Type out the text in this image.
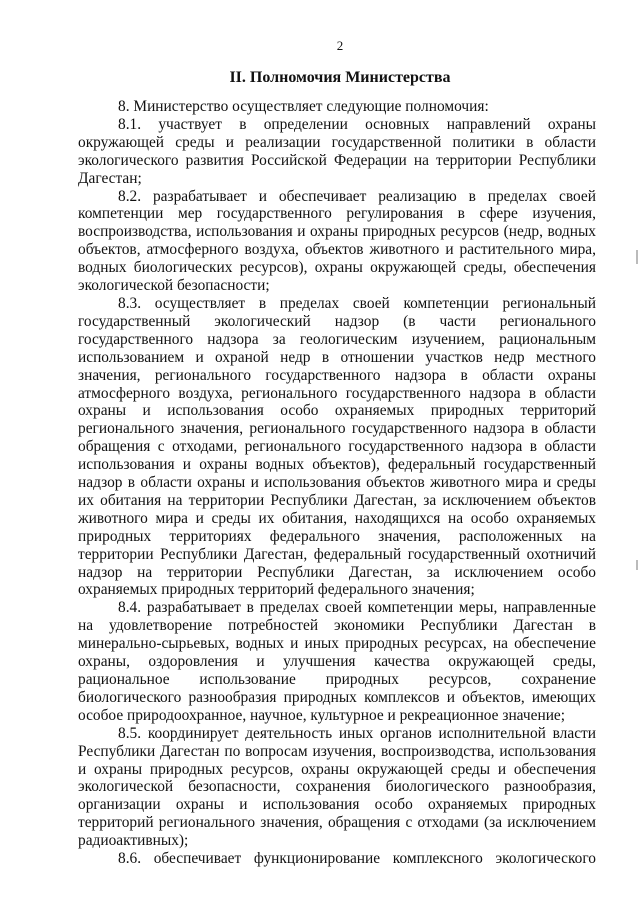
2
II. Полномочия Министерства

8. Министерство осуществляет следующие полномочия:

8.1. участвует в определении основных направлений охраны окружающей среды и реализации государственной политики в области экологического развития Российской Федерации на территории Республики Дагестан;

8.2. разрабатывает и обеспечивает реализацию в пределах своей компетенции мер государственного регулирования в сфере изучения, воспроизводства, использования и охраны природных ресурсов (недр, водных объектов, атмосферного воздуха, объектов животного и растительного мира, водных биологических ресурсов), охраны окружающей среды, обеспечения экологической безопасности;

8.3. осуществляет в пределах своей компетенции региональный государственный экологический надзор (в части регионального государственного надзора за геологическим изучением, рациональным использованием и охраной недр в отношении участков недр местного значения, регионального государственного надзора в области охраны атмосферного воздуха, регионального государственного надзора в области охраны и использования особо охраняемых природных территорий регионального значения, регионального государственного надзора в области обращения с отходами, регионального государственного надзора в области использования и охраны водных объектов), федеральный государственный надзор в области охраны и использования объектов животного мира и среды их обитания на территории Республики Дагестан, за исключением объектов животного мира и среды их обитания, находящихся на особо охраняемых природных территориях федерального значения, расположенных на территории Республики Дагестан, федеральный государственный охотничий надзор на территории Республики Дагестан, за исключением особо охраняемых природных территорий федерального значения;

8.4. разрабатывает в пределах своей компетенции меры, направленные на удовлетворение потребностей экономики Республики Дагестан в минерально-сырьевых, водных и иных природных ресурсах, на обеспечение охраны, оздоровления и улучшения качества окружающей среды, рациональное использование природных ресурсов, сохранение биологического разнообразия природных комплексов и объектов, имеющих особое природоохранное, научное, культурное и рекреационное значение;

8.5. координирует деятельность иных органов исполнительной власти Республики Дагестан по вопросам изучения, воспроизводства, использования и охраны природных ресурсов, охраны окружающей среды и обеспечения экологической безопасности, сохранения биологического разнообразия, организации охраны и использования особо охраняемых природных территорий регионального значения, обращения с отходами (за исключением радиоактивных);

8.6. обеспечивает функционирование комплексного экологического
